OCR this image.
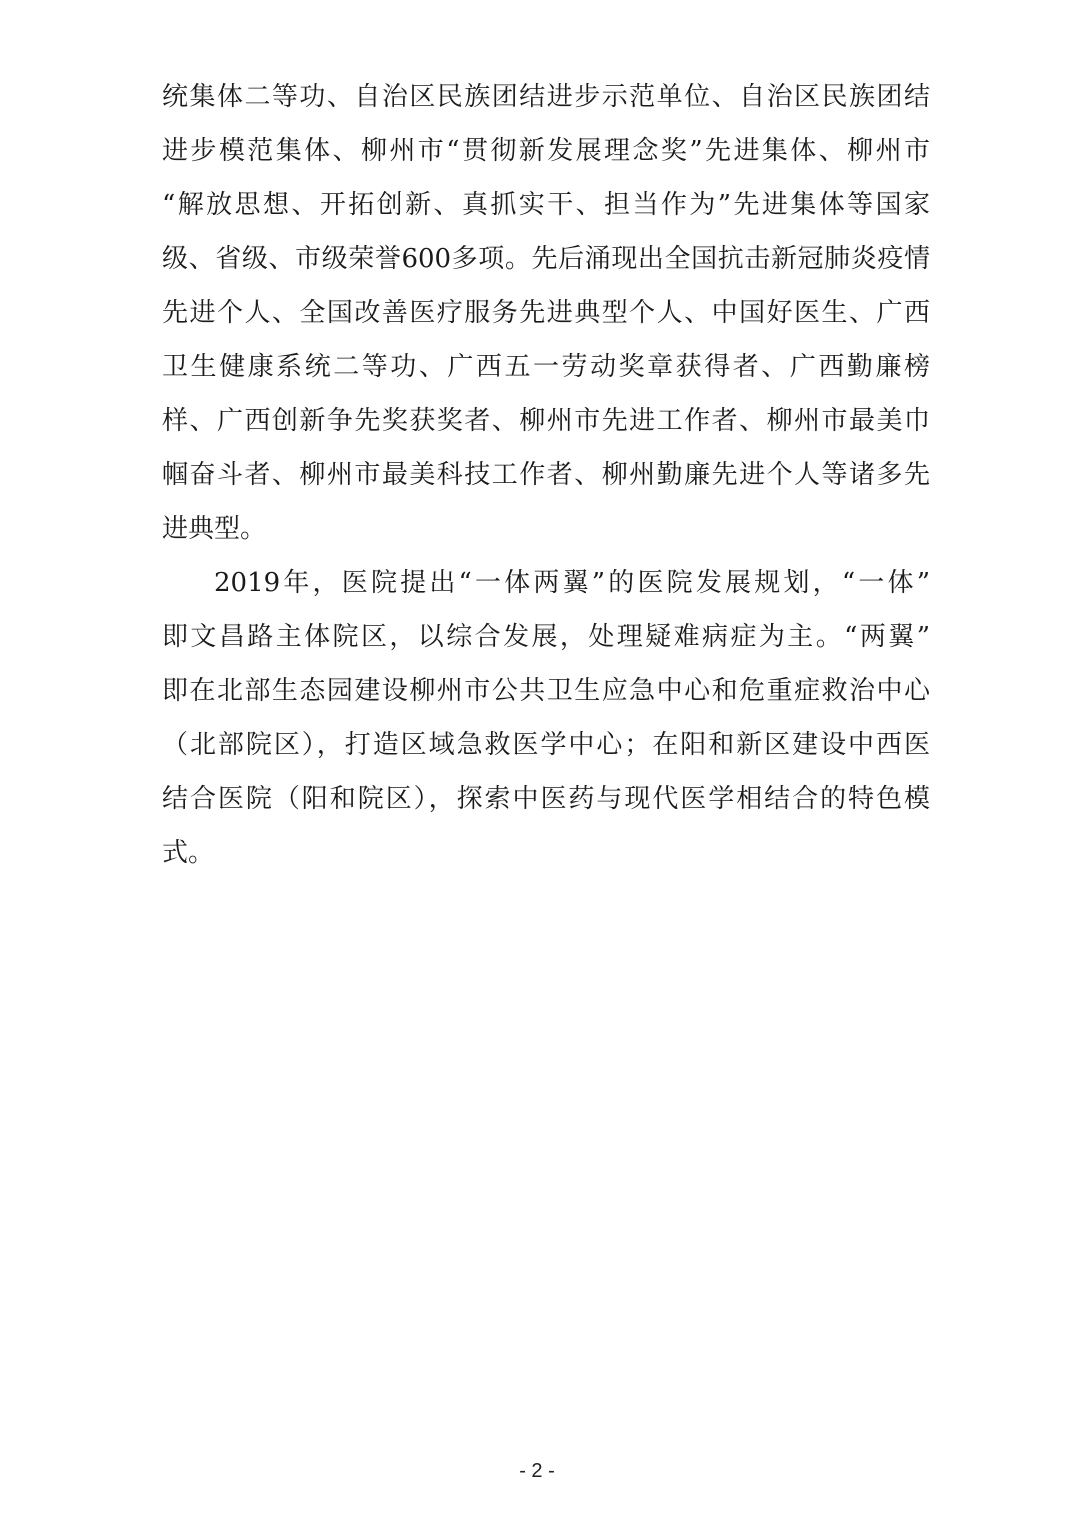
统集体二等功、自治区民族团结进步示范单位、自治区民族团结
进步模范集体、柳州市“贯彻新发展理念奖”先进集体、柳州市
“解放思想、开拓创新、真抓实干、担当作为”先进集体等国家
级、省级、市级荣誉600多项。先后涌现出全国抗击新冠肺炎疫情
先进个人、全国改善医疗服务先进典型个人、中国好医生、广西
卫生健康系统二等功、广西五一劳动奖章获得者、广西勤廉榜
样、广西创新争先奖获奖者、柳州市先进工作者、柳州市最美巾
帼奋斗者、柳州市最美科技工作者、柳州勤廉先进个人等诸多先
进典型。
2019年，医院提出“一体两翼”的医院发展规划，“一体”
即文昌路主体院区，以综合发展，处理疑难病症为主。“两翼”
即在北部生态园建设柳州市公共卫生应急中心和危重症救治中心
（北部院区），打造区域急救医学中心；在阳和新区建设中西医
结合医院（阳和院区），探索中医药与现代医学相结合的特色模
式。
- 2 -
